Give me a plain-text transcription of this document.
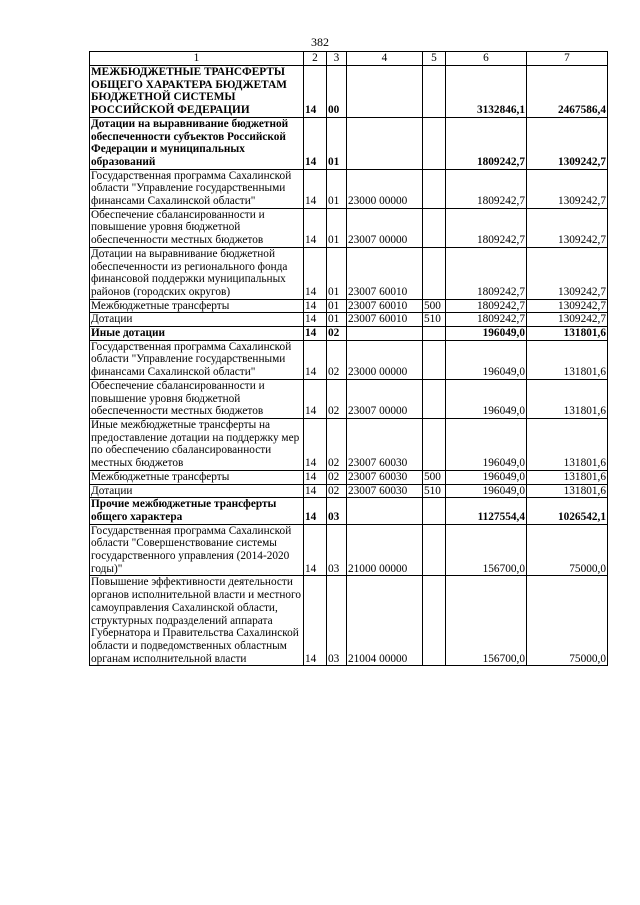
382
1	2	3	4	5	6	7
МЕЖБЮДЖЕТНЫЕ ТРАНСФЕРТЫ ОБЩЕГО ХАРАКТЕРА БЮДЖЕТАМ БЮДЖЕТНОЙ СИСТЕМЫ РОССИЙСКОЙ ФЕДЕРАЦИИ	14	00			3132846,1	2467586,4
Дотации на выравнивание бюджетной обеспеченности субъектов Российской Федерации и муниципальных образований	14	01			1809242,7	1309242,7
Государственная программа Сахалинской области "Управление государственными финансами Сахалинской области"	14	01	23000 00000		1809242,7	1309242,7
Обеспечение сбалансированности и повышение уровня бюджетной обеспеченности местных бюджетов	14	01	23007 00000		1809242,7	1309242,7
Дотации на выравнивание бюджетной обеспеченности из регионального фонда финансовой поддержки муниципальных районов (городских округов)	14	01	23007 60010		1809242,7	1309242,7
Межбюджетные трансферты	14	01	23007 60010	500	1809242,7	1309242,7
Дотации	14	01	23007 60010	510	1809242,7	1309242,7
Иные дотации	14	02			196049,0	131801,6
Государственная программа Сахалинской области "Управление государственными финансами Сахалинской области"	14	02	23000 00000		196049,0	131801,6
Обеспечение сбалансированности и повышение уровня бюджетной обеспеченности местных бюджетов	14	02	23007 00000		196049,0	131801,6
Иные межбюджетные трансферты на предоставление дотации на поддержку мер по обеспечению сбалансированности местных бюджетов	14	02	23007 60030		196049,0	131801,6
Межбюджетные трансферты	14	02	23007 60030	500	196049,0	131801,6
Дотации	14	02	23007 60030	510	196049,0	131801,6
Прочие межбюджетные трансферты общего характера	14	03			1127554,4	1026542,1
Государственная программа Сахалинской области "Совершенствование системы государственного управления (2014-2020 годы)"	14	03	21000 00000		156700,0	75000,0
Повышение эффективности деятельности органов исполнительной власти и местного самоуправления Сахалинской области, структурных подразделений аппарата Губернатора и Правительства Сахалинской области и подведомственных областным органам исполнительной власти	14	03	21004 00000		156700,0	75000,0
